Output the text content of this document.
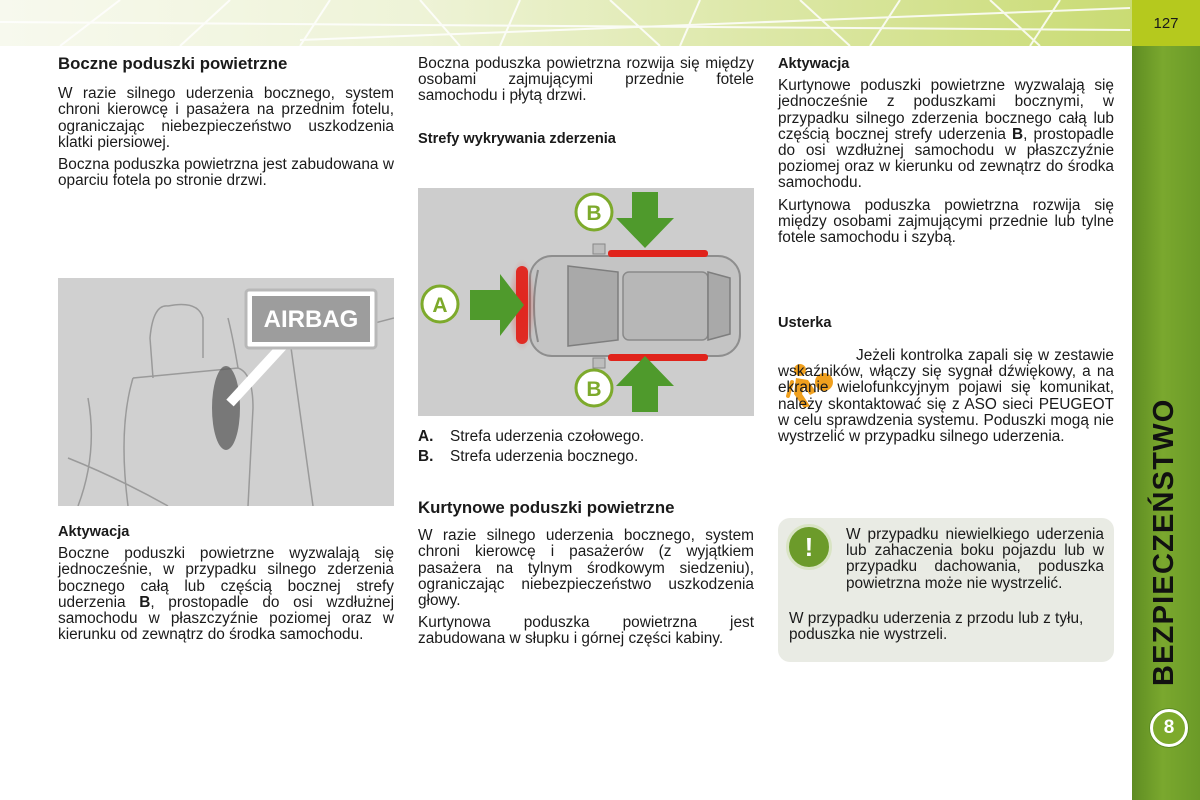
127
BEZPIECZEŃSTWO
8
Boczne poduszki powietrzne

W razie silnego uderzenia bocznego, system chroni kierowcę i pasażera na przednim fotelu, ograniczając niebezpieczeństwo uszkodzenia klatki piersiowej.

Boczna poduszka powietrzna jest zabudowana w oparciu fotela po stronie drzwi.

AIRBAG
Aktywacja

Boczne poduszki powietrzne wyzwalają się jednocześnie, w przypadku silnego zderzenia bocznego całą lub częścią bocznej strefy uderzenia B, prostopadle do osi wzdłużnej samochodu w płaszczyźnie poziomej oraz w kierunku od zewnątrz do środka samochodu.

Boczna poduszka powietrzna rozwija się między osobami zajmującymi przednie fotele samochodu i płytą drzwi.

Strefy wykrywania zderzenia
A
B
B
A. Strefa uderzenia czołowego.
B. Strefa uderzenia bocznego.
Kurtynowe poduszki powietrzne

W razie silnego uderzenia bocznego, system chroni kierowcę i pasażerów (z wyjątkiem pasażera na tylnym środkowym siedzeniu), ograniczając niebezpieczeństwo uszkodzenia głowy.

Kurtynowa poduszka powietrzna jest zabudowana w słupku i górnej części kabiny.

Aktywacja

Kurtynowe poduszki powietrzne wyzwalają się jednocześnie z poduszkami bocznymi, w przypadku silnego zderzenia bocznego całą lub częścią bocznej strefy uderzenia B, prostopadle do osi wzdłużnej samochodu w płaszczyźnie poziomej oraz w kierunku od zewnątrz do środka samochodu.

Kurtynowa poduszka powietrzna rozwija się między osobami zajmującymi przednie lub tylne fotele samochodu i szybą.

Usterka

Jeżeli kontrolka zapali się w zestawie wskaźników, włączy się sygnał dźwiękowy, a na ekranie wielofunkcyjnym pojawi się komunikat, należy skontaktować się z ASO sieci PEUGEOT w celu sprawdzenia systemu. Poduszki mogą nie wystrzelić w przypadku silnego uderzenia.

!	W przypadku niewielkiego uderzenia lub zahaczenia boku pojazdu lub w przypadku dachowania, poduszka powietrzna może nie wystrzelić.

W przypadku uderzenia z przodu lub z tyłu, poduszka nie wystrzeli.
